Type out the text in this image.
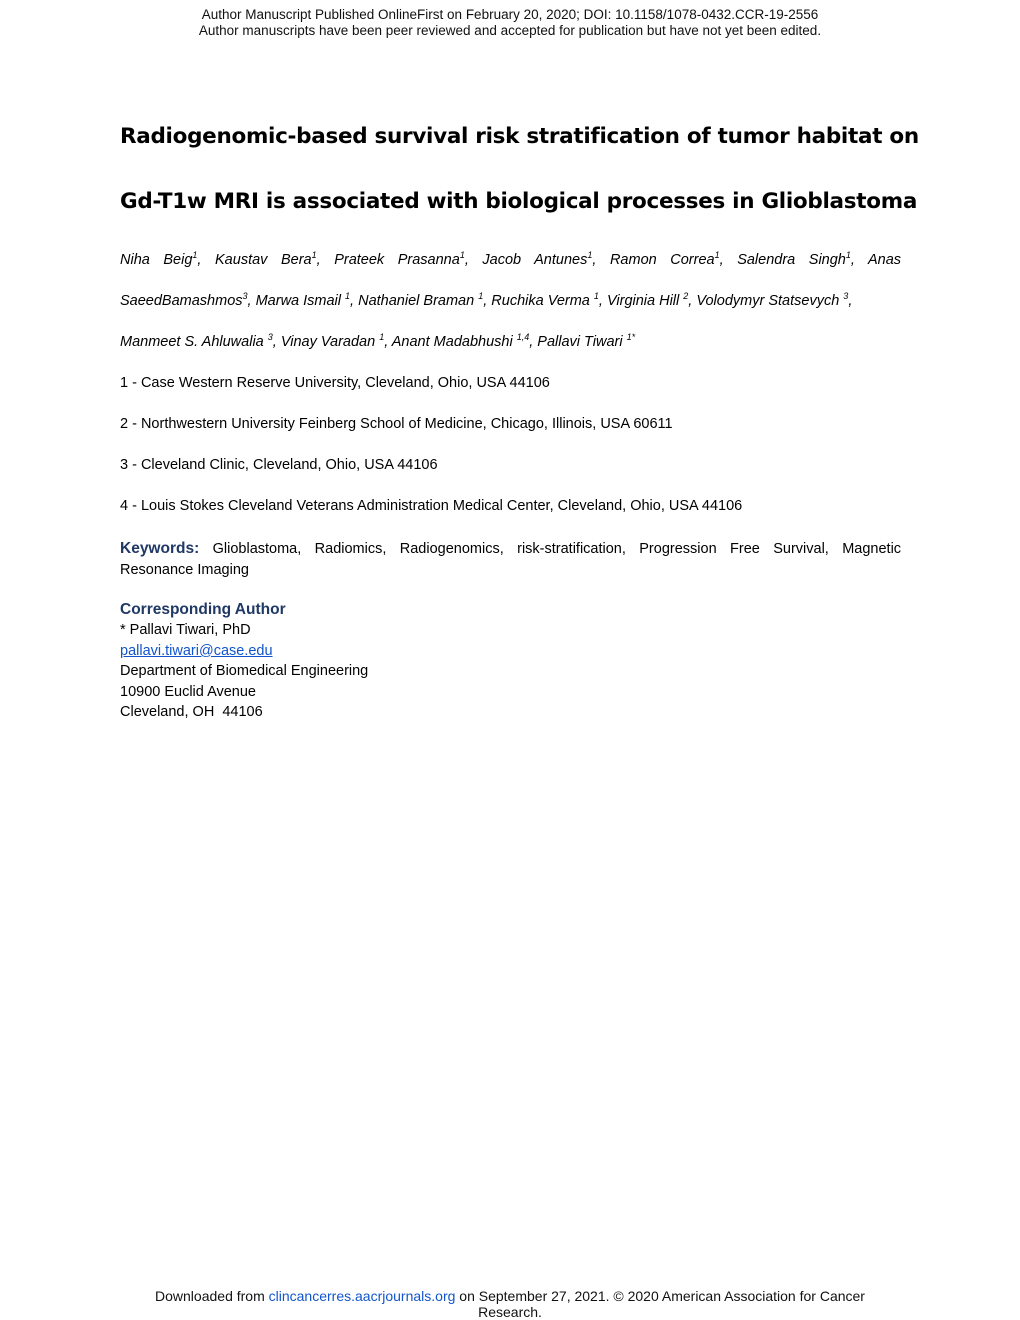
Author Manuscript Published OnlineFirst on February 20, 2020; DOI: 10.1158/1078-0432.CCR-19-2556
Author manuscripts have been peer reviewed and accepted for publication but have not yet been edited.
Radiogenomic-based survival risk stratification of tumor habitat on
Gd-T1w MRI is associated with biological processes in Glioblastoma
Niha Beig$^1$, Kaustav Bera$^1$, Prateek Prasanna$^1$, Jacob Antunes$^1$, Ramon Correa$^1$, Salendra Singh$^1$, Anas
SaeedBamashmos$^3$, Marwa Ismail $^1$, Nathaniel Braman $^1$, Ruchika Verma $^1$, Virginia Hill $^2$, Volodymyr Statsevych $^3$,
Manmeet S. Ahluwalia $^3$, Vinay Varadan $^1$, Anant Madabhushi $^{1,4}$, Pallavi Tiwari $^{1*}$
1 - Case Western Reserve University, Cleveland, Ohio, USA 44106
2 - Northwestern University Feinberg School of Medicine, Chicago, Illinois, USA 60611
3 - Cleveland Clinic, Cleveland, Ohio, USA 44106
4 - Louis Stokes Cleveland Veterans Administration Medical Center, Cleveland, Ohio, USA 44106
Keywords: Glioblastoma, Radiomics, Radiogenomics, risk-stratification, Progression Free Survival, Magnetic
Resonance Imaging
Corresponding Author
* Pallavi Tiwari, PhD
pallavi.tiwari@case.edu
Department of Biomedical Engineering
10900 Euclid Avenue
Cleveland, OH  44106
Downloaded from clincancerres.aacrjournals.org on September 27, 2021. © 2020 American Association for Cancer
Research.
